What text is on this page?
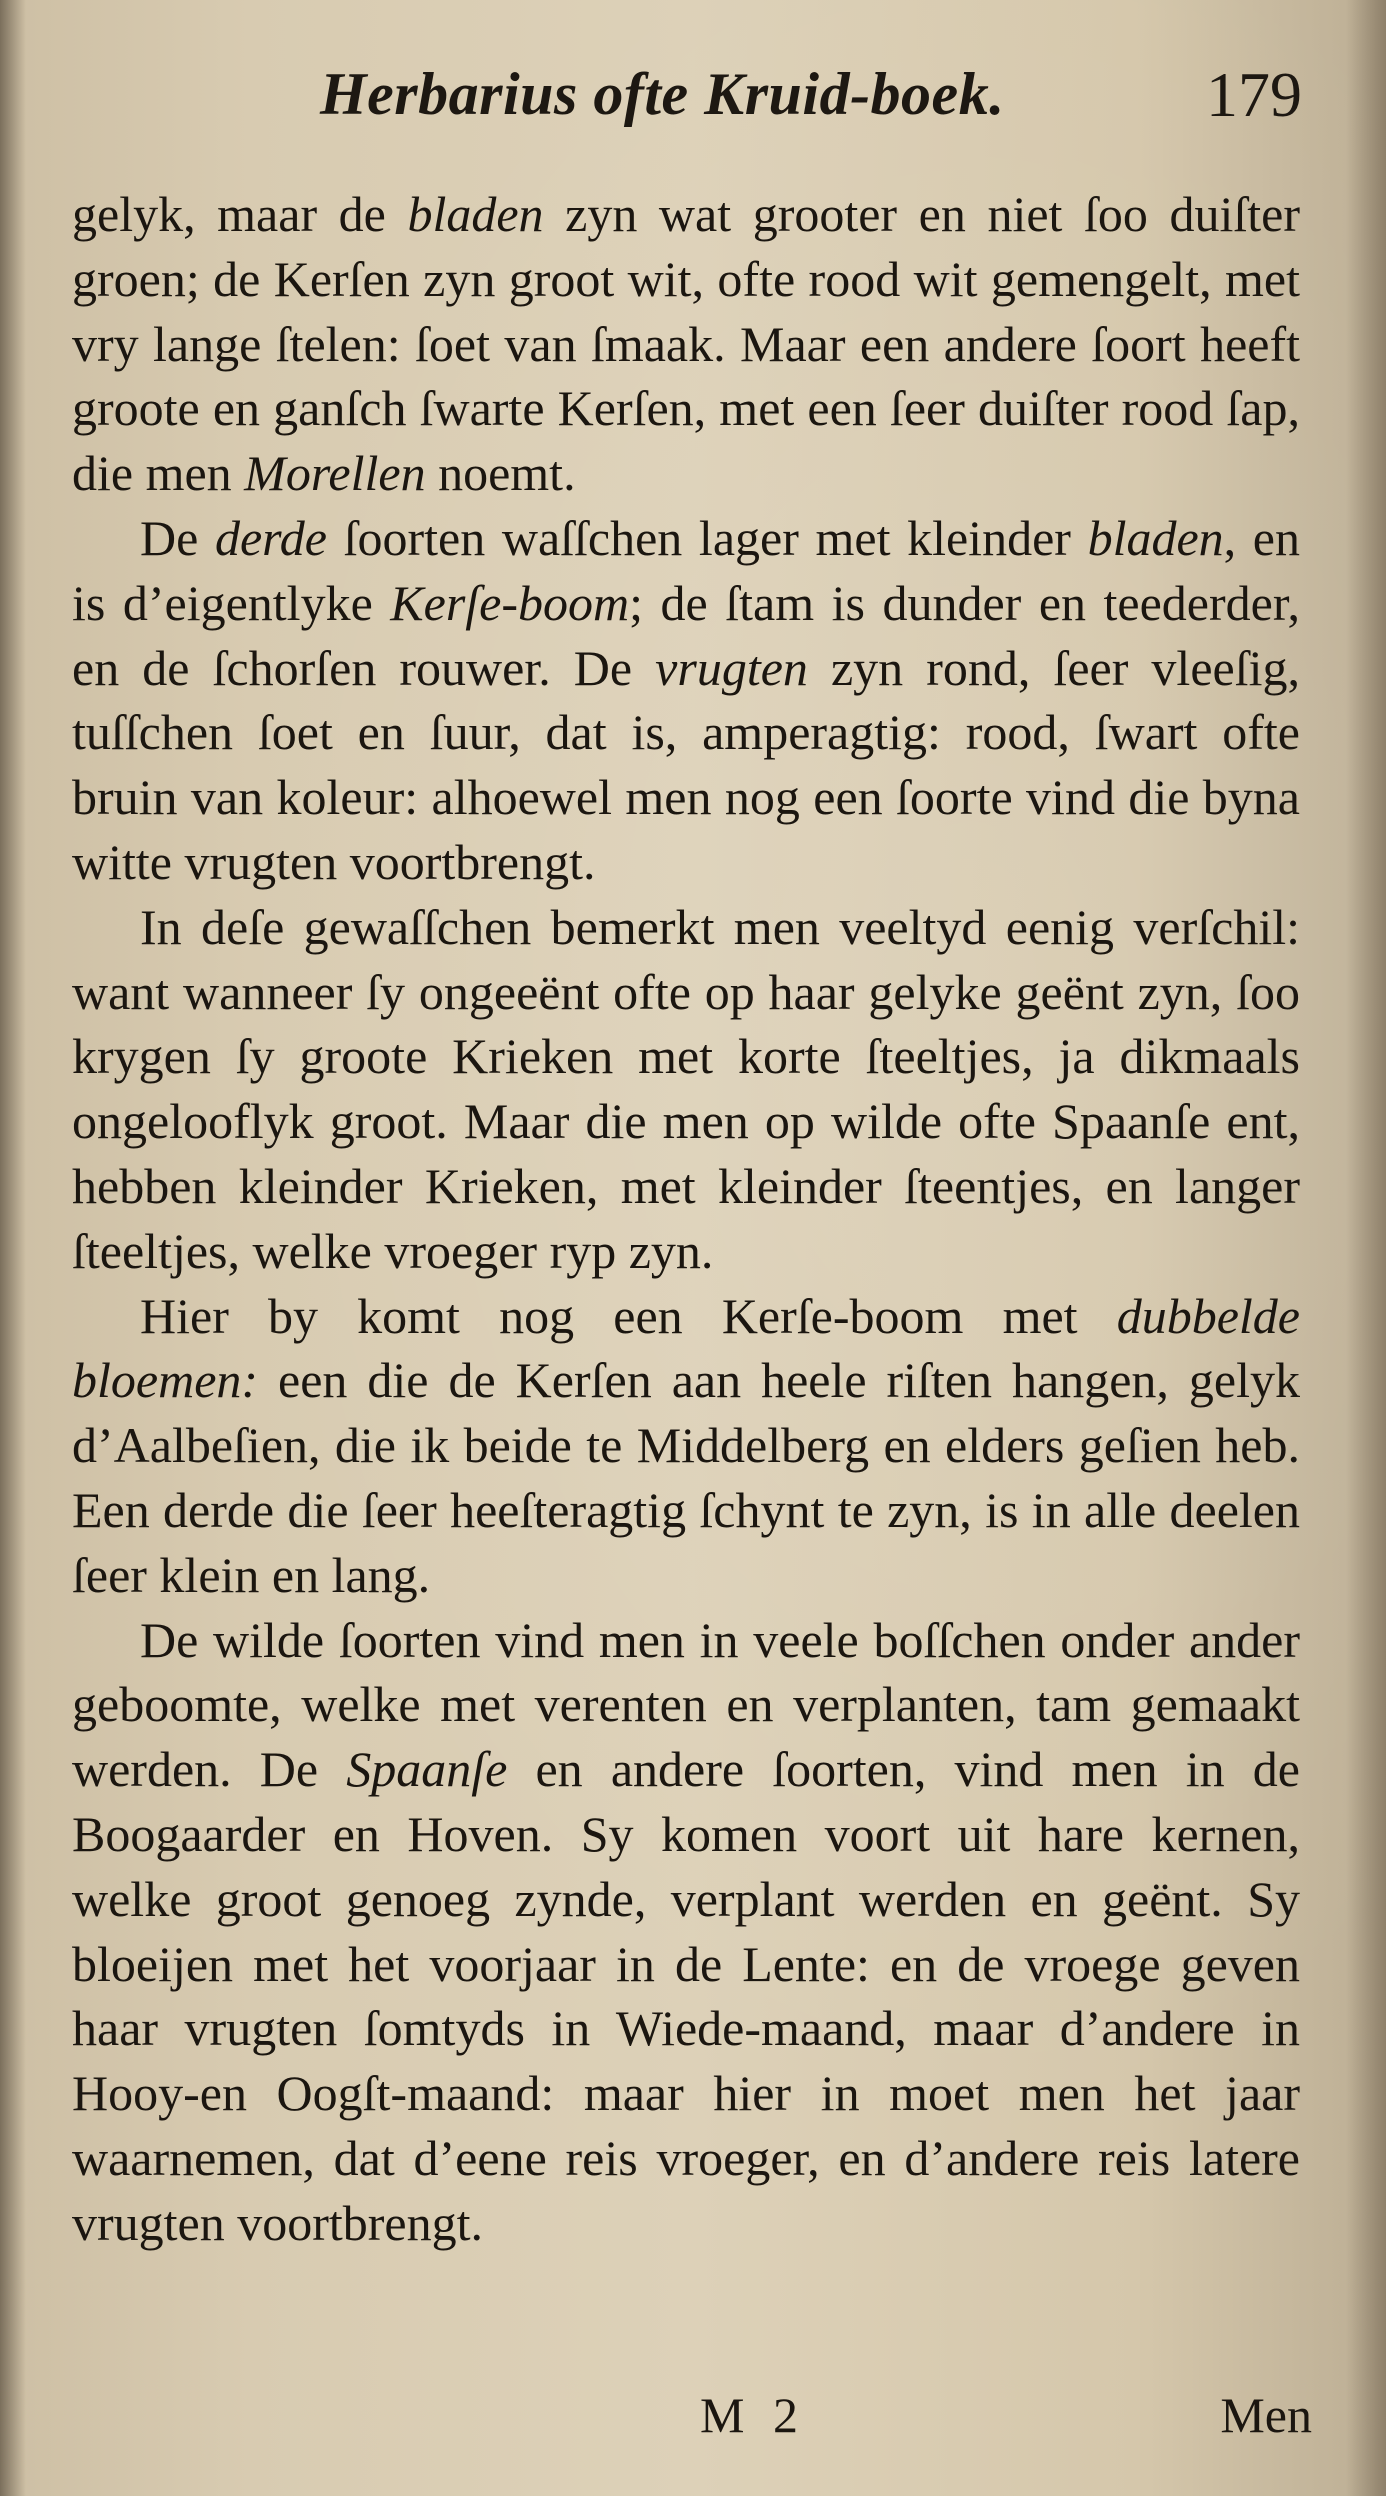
Herbarius ofte Kruid-boek.	179

gelyk, maar de bladen zyn wat grooter en niet ſoo duiſter groen; de Kerſen zyn groot wit, ofte rood wit gemengelt, met vry lange ſtelen: ſoet van ſmaak. Maar een andere ſoort heeft groote en ganſch ſwarte Kerſen, met een ſeer duiſter rood ſap, die men Morellen noemt.

De derde ſoorten waſſchen lager met kleinder bladen, en is d’eigentlyke Kerſe-boom; de ſtam is dunder en teederder, en de ſchorſen rouwer. De vrugten zyn rond, ſeer vleeſig, tuſſchen ſoet en ſuur, dat is, amperagtig: rood, ſwart ofte bruin van koleur: alhoewel men nog een ſoorte vind die byna witte vrugten voortbrengt.

In deſe gewaſſchen bemerkt men veeltyd eenig verſchil: want wanneer ſy ongeeënt ofte op haar gelyke geënt zyn, ſoo krygen ſy groote Krieken met korte ſteeltjes, ja dikmaals ongelooflyk groot. Maar die men op wilde ofte Spaanſe ent, hebben kleinder Krieken, met kleinder ſteentjes, en langer ſteeltjes, welke vroeger ryp zyn.

Hier by komt nog een Kerſe-boom met dubbelde bloemen: een die de Kerſen aan heele riſten hangen, gelyk d’Aalbeſien, die ik beide te Middelberg en elders geſien heb. Een derde die ſeer heeſteragtig ſchynt te zyn, is in alle deelen ſeer klein en lang.

De wilde ſoorten vind men in veele boſſchen onder ander geboomte, welke met verenten en verplanten, tam gemaakt werden. De Spaanſe en andere ſoorten, vind men in de Boogaarder en Hoven. Sy komen voort uit hare kernen, welke groot genoeg zynde, verplant werden en geënt. Sy bloeijen met het voorjaar in de Lente: en de vroege geven haar vrugten ſomtyds in Wiede-maand, maar d’andere in Hooy-en Oogſt-maand: maar hier in moet men het jaar waarnemen, dat d’eene reis vroeger, en d’andere reis latere vrugten voortbrengt.

M 2	Men
